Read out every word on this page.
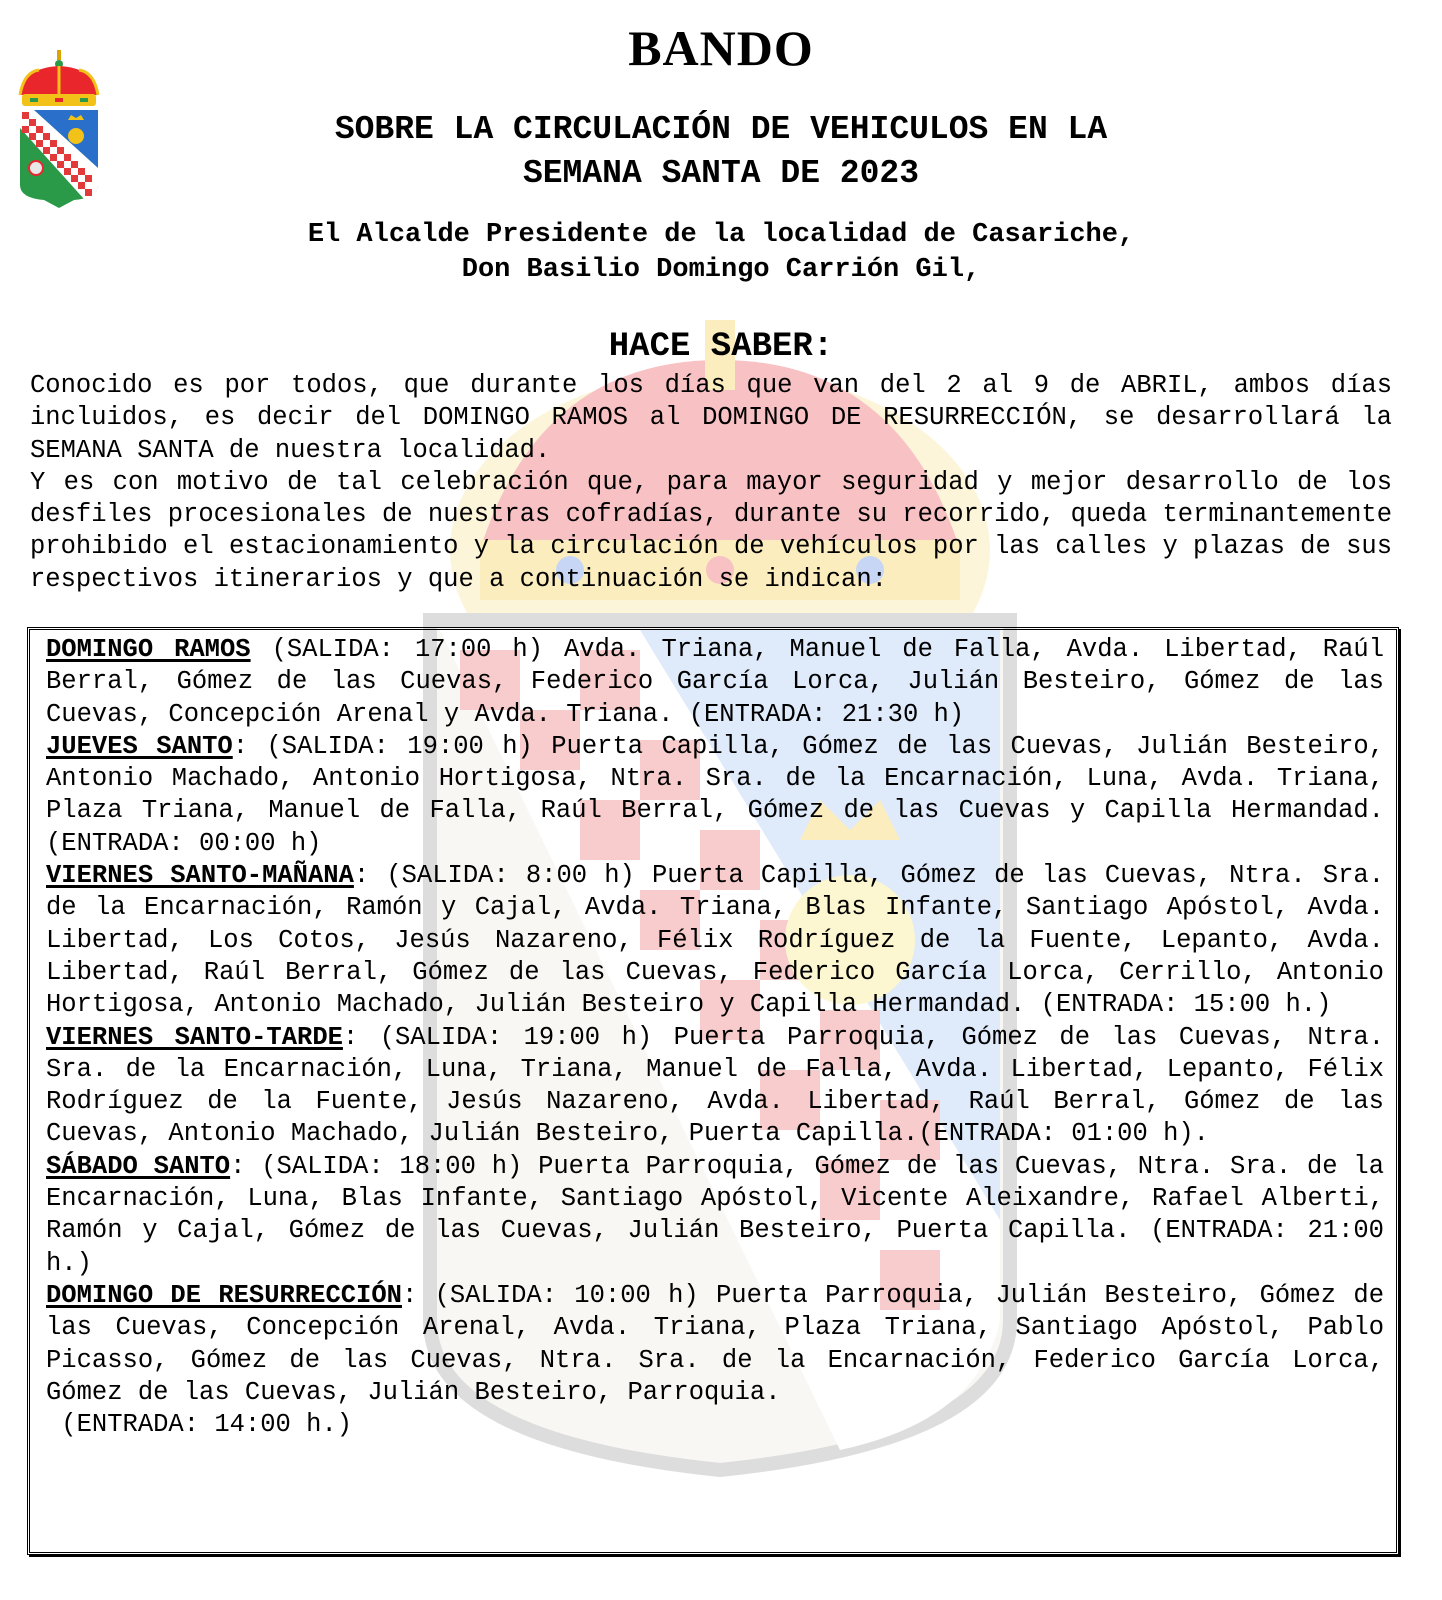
BANDO
SOBRE LA CIRCULACIÓN DE VEHICULOS EN LA
SEMANA SANTA DE 2023
El Alcalde Presidente de la localidad de Casariche,
Don Basilio Domingo Carrión Gil,
HACE SABER:

Conocido es por todos, que durante los días que van del 2 al 9 de ABRIL, ambos días incluidos, es decir del DOMINGO RAMOS al DOMINGO DE RESURRECCIÓN, se desarrollará la SEMANA SANTA de nuestra localidad.

Y es con motivo de tal celebración que, para mayor seguridad y mejor desarrollo de los desfiles procesionales de nuestras cofradías, durante su recorrido, queda terminantemente prohibido el estacionamiento y la circulación de vehículos por las calles y plazas de sus respectivos itinerarios y que a continuación se indican:

DOMINGO RAMOS (SALIDA: 17:00 h) Avda. Triana, Manuel de Falla, Avda. Libertad, Raúl Berral, Gómez de las Cuevas, Federico García Lorca, Julián Besteiro, Gómez de las Cuevas, Concepción Arenal y Avda. Triana. (ENTRADA: 21:30 h)

JUEVES SANTO: (SALIDA: 19:00 h) Puerta Capilla, Gómez de las Cuevas, Julián Besteiro, Antonio Machado, Antonio Hortigosa, Ntra. Sra. de la Encarnación, Luna, Avda. Triana, Plaza Triana, Manuel de Falla, Raúl Berral, Gómez de las Cuevas y Capilla Hermandad.(ENTRADA: 00:00 h)

VIERNES SANTO-MAÑANA: (SALIDA: 8:00 h) Puerta Capilla, Gómez de las Cuevas, Ntra. Sra. de la Encarnación, Ramón y Cajal, Avda. Triana, Blas Infante, Santiago Apóstol, Avda. Libertad, Los Cotos, Jesús Nazareno, Félix Rodríguez de la Fuente, Lepanto, Avda. Libertad, Raúl Berral, Gómez de las Cuevas, Federico García Lorca, Cerrillo, Antonio Hortigosa, Antonio Machado, Julián Besteiro y Capilla Hermandad. (ENTRADA: 15:00 h.)

VIERNES SANTO-TARDE: (SALIDA: 19:00 h) Puerta Parroquia, Gómez de las Cuevas, Ntra. Sra. de la Encarnación, Luna, Triana, Manuel de Falla, Avda. Libertad, Lepanto, Félix Rodríguez de la Fuente, Jesús Nazareno, Avda. Libertad, Raúl Berral, Gómez de las Cuevas, Antonio Machado, Julián Besteiro, Puerta Capilla.(ENTRADA: 01:00 h).

SÁBADO SANTO: (SALIDA: 18:00 h) Puerta Parroquia, Gómez de las Cuevas, Ntra. Sra. de la Encarnación, Luna, Blas Infante, Santiago Apóstol, Vicente Aleixandre, Rafael Alberti, Ramón y Cajal, Gómez de las Cuevas, Julián Besteiro, Puerta Capilla. (ENTRADA: 21:00 h.)

DOMINGO DE RESURRECCIÓN: (SALIDA: 10:00 h) Puerta Parroquia, Julián Besteiro, Gómez de las Cuevas, Concepción Arenal, Avda. Triana, Plaza Triana, Santiago Apóstol, Pablo Picasso, Gómez de las Cuevas, Ntra. Sra. de la Encarnación, Federico García Lorca, Gómez de las Cuevas, Julián Besteiro, Parroquia.

(ENTRADA: 14:00 h.)
